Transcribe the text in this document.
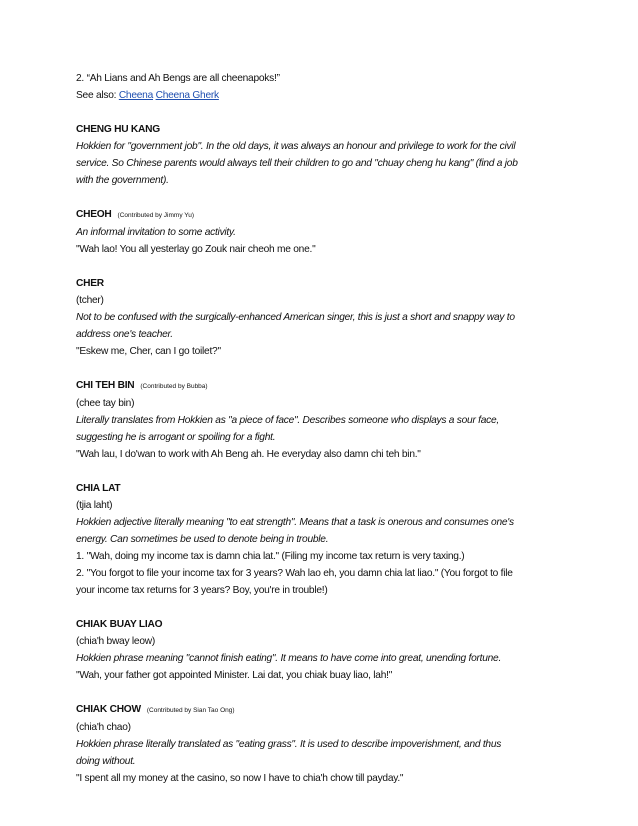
2. “Ah Lians and Ah Bengs are all cheenapoks!”
See also: Cheena Cheena Gherk
CHENG HU KANG
Hokkien for "government job". In the old days, it was always an honour and privilege to work for the civil
service. So Chinese parents would always tell their children to go and "chuay cheng hu kang" (find a job
with the government).
CHEOH (Contributed by Jimmy Yu)
An informal invitation to some activity.
"Wah lao! You all yesterlay go Zouk nair cheoh me one."
CHER
(tcher)
Not to be confused with the surgically-enhanced American singer, this is just a short and snappy way to
address one's teacher.
"Eskew me, Cher, can I go toilet?"
CHI TEH BIN (Contributed by Bubba)
(chee tay bin)
Literally translates from Hokkien as "a piece of face". Describes someone who displays a sour face,
suggesting he is arrogant or spoiling for a fight.
"Wah lau, I do'wan to work with Ah Beng ah. He everyday also damn chi teh bin."
CHIA LAT
(tjia laht)
Hokkien adjective literally meaning "to eat strength". Means that a task is onerous and consumes one's
energy. Can sometimes be used to denote being in trouble.
1. "Wah, doing my income tax is damn chia lat." (Filing my income tax return is very taxing.)
2. "You forgot to file your income tax for 3 years? Wah lao eh, you damn chia lat liao." (You forgot to file
your income tax returns for 3 years? Boy, you're in trouble!)
CHIAK BUAY LIAO
(chia'h bway leow)
Hokkien phrase meaning "cannot finish eating". It means to have come into great, unending fortune.
"Wah, your father got appointed Minister. Lai dat, you chiak buay liao, lah!"
CHIAK CHOW (Contributed by Sian Tao Ong)
(chia'h chao)
Hokkien phrase literally translated as "eating grass". It is used to describe impoverishment, and thus
doing without.
"I spent all my money at the casino, so now I have to chia'h chow till payday."
